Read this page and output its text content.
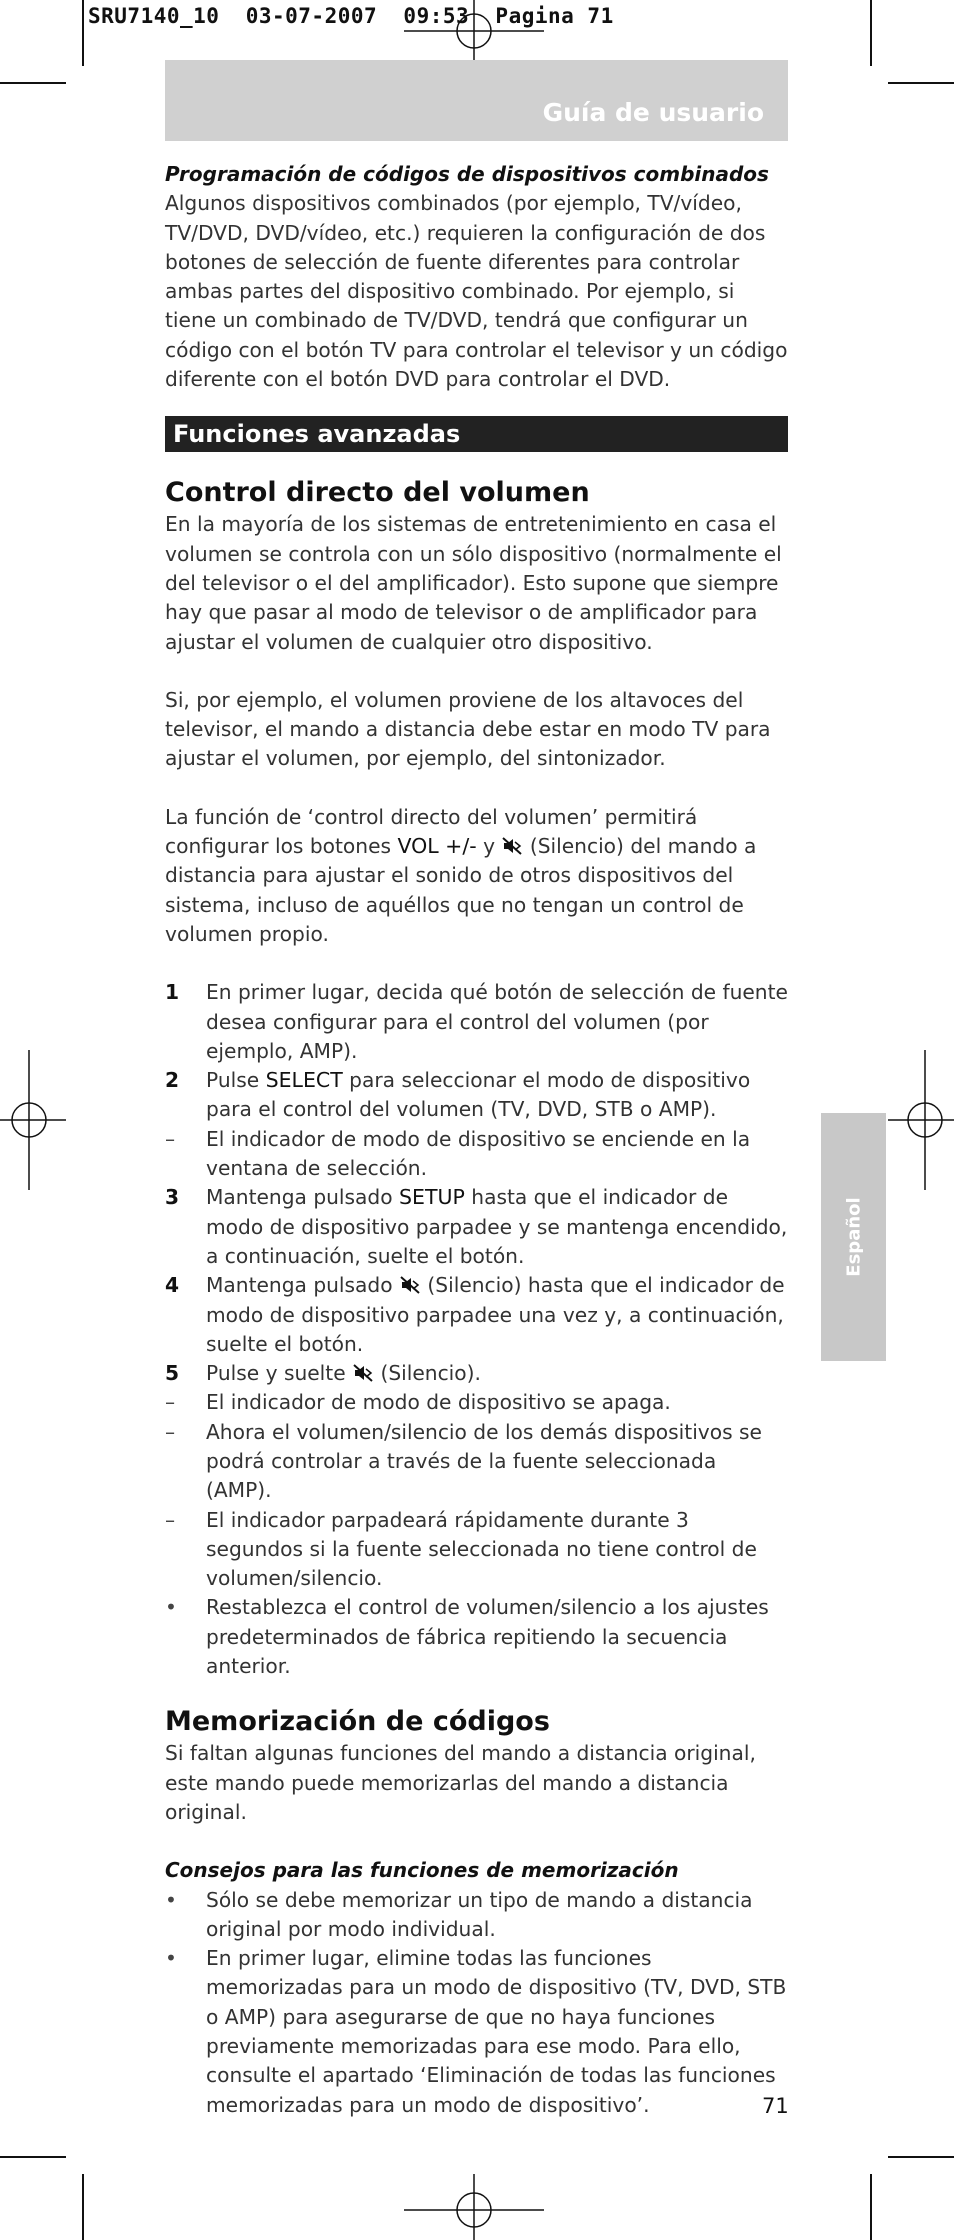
SRU7140_10  03-07-2007  09:53  Pagina 71
Guía de usuario
Español

Programación de códigos de dispositivos combinados

Algunos dispositivos combinados (por ejemplo, TV/vídeo, TV/DVD, DVD/vídeo, etc.) requieren la configuración de dos botones de selección de fuente diferentes para controlar ambas partes del dispositivo combinado. Por ejemplo, si tiene un combinado de TV/DVD, tendrá que configurar un código con el botón TV para controlar el televisor y un código diferente con el botón DVD para controlar el DVD.

Funciones avanzadas
Control directo del volumen

En la mayoría de los sistemas de entretenimiento en casa el volumen se controla con un sólo dispositivo (normalmente el del televisor o el del amplificador). Esto supone que siempre hay que pasar al modo de televisor o de amplificador para ajustar el volumen de cualquier otro dispositivo.

Si, por ejemplo, el volumen proviene de los altavoces del televisor, el mando a distancia debe estar en modo TV para ajustar el volumen, por ejemplo, del sintonizador.

La función de ‘control directo del volumen’ permitirá configurar los botones VOL +/- y  (Silencio) del mando a distancia para ajustar el sonido de otros dispositivos del sistema, incluso de aquéllos que no tengan un control de volumen propio.

1 En primer lugar, decida qué botón de selección de fuente desea configurar para el control del volumen (por ejemplo, AMP).
2 Pulse SELECT para seleccionar el modo de dispositivo para el control del volumen (TV, DVD, STB o AMP).
– El indicador de modo de dispositivo se enciende en la ventana de selección.
3 Mantenga pulsado SETUP hasta que el indicador de modo de dispositivo parpadee y se mantenga encendido, a continuación, suelte el botón.
4 Mantenga pulsado  (Silencio) hasta que el indicador de modo de dispositivo parpadee una vez y, a continuación, suelte el botón.
5 Pulse y suelte  (Silencio).
– El indicador de modo de dispositivo se apaga.
– Ahora el volumen/silencio de los demás dispositivos se podrá controlar a través de la fuente seleccionada (AMP).
– El indicador parpadeará rápidamente durante 3 segundos si la fuente seleccionada no tiene control de volumen/silencio.
• Restablezca el control de volumen/silencio a los ajustes predeterminados de fábrica repitiendo la secuencia anterior.
Memorización de códigos

Si faltan algunas funciones del mando a distancia original, este mando puede memorizarlas del mando a distancia original.

Consejos para las funciones de memorización

• Sólo se debe memorizar un tipo de mando a distancia original por modo individual.
• En primer lugar, elimine todas las funciones memorizadas para un modo de dispositivo (TV, DVD, STB o AMP) para asegurarse de que no haya funciones previamente memorizadas para ese modo. Para ello, consulte el apartado ‘Eliminación de todas las funciones memorizadas para un modo de dispositivo’.	71
